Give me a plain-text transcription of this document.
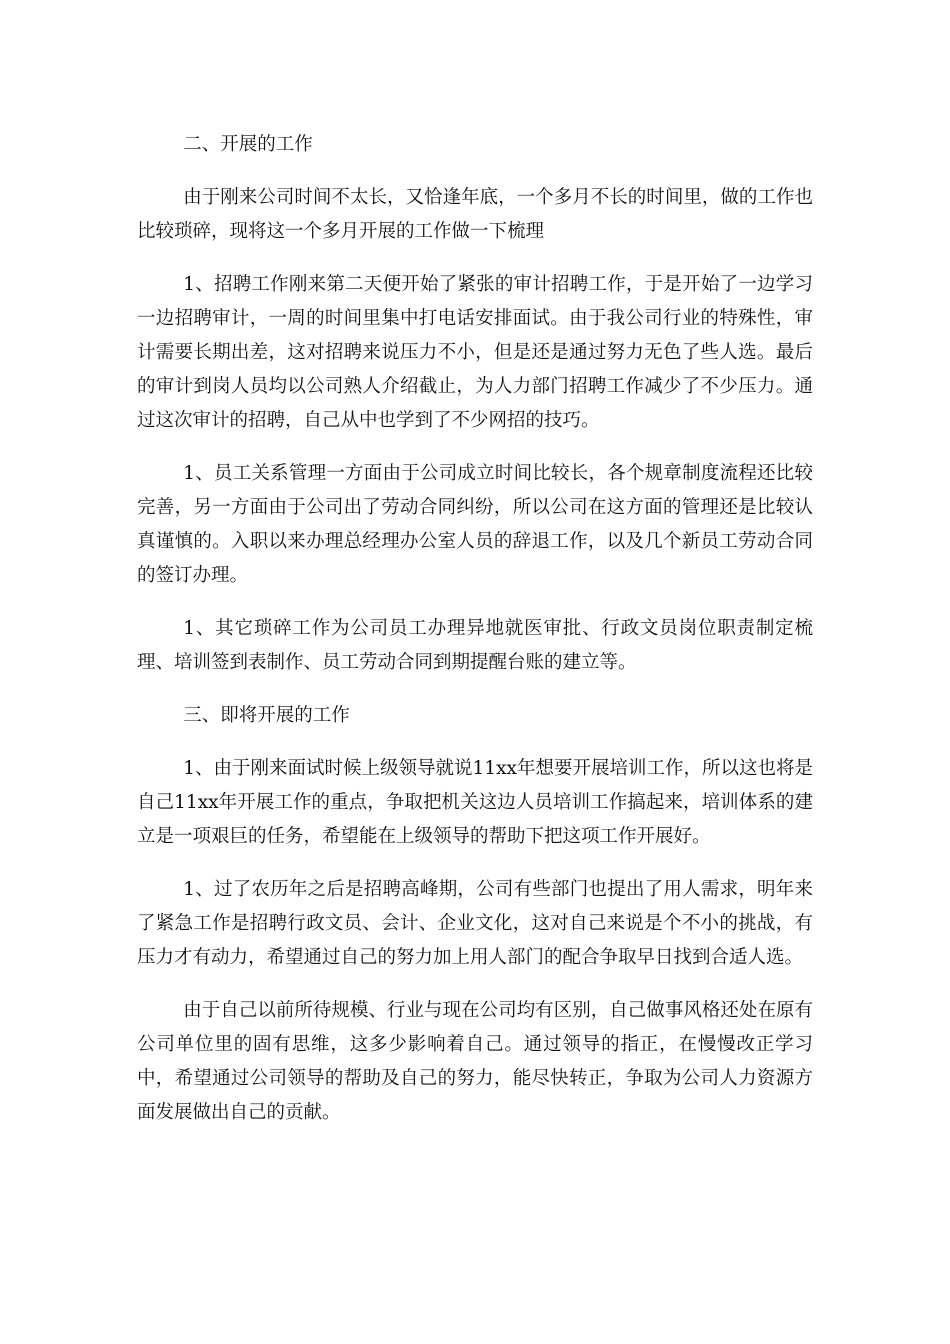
二、开展的工作

由于刚来公司时间不太长，又恰逢年底，一个多月不长的时间里，做的工作也比较琐碎，现将这一个多月开展的工作做一下梳理

1、招聘工作刚来第二天便开始了紧张的审计招聘工作，于是开始了一边学习一边招聘审计，一周的时间里集中打电话安排面试。由于我公司行业的特殊性，审计需要长期出差，这对招聘来说压力不小，但是还是通过努力无色了些人选。最后的审计到岗人员均以公司熟人介绍截止，为人力部门招聘工作减少了不少压力。通过这次审计的招聘，自己从中也学到了不少网招的技巧。

1、员工关系管理一方面由于公司成立时间比较长，各个规章制度流程还比较完善，另一方面由于公司出了劳动合同纠纷，所以公司在这方面的管理还是比较认真谨慎的。入职以来办理总经理办公室人员的辞退工作，以及几个新员工劳动合同的签订办理。

1、其它琐碎工作为公司员工办理异地就医审批、行政文员岗位职责制定梳理、培训签到表制作、员工劳动合同到期提醒台账的建立等。

三、即将开展的工作

1、由于刚来面试时候上级领导就说11xx年想要开展培训工作，所以这也将是自己11xx年开展工作的重点，争取把机关这边人员培训工作搞起来，培训体系的建立是一项艰巨的任务，希望能在上级领导的帮助下把这项工作开展好。

1、过了农历年之后是招聘高峰期，公司有些部门也提出了用人需求，明年来了紧急工作是招聘行政文员、会计、企业文化，这对自己来说是个不小的挑战，有压力才有动力，希望通过自己的努力加上用人部门的配合争取早日找到合适人选。

由于自己以前所待规模、行业与现在公司均有区别，自己做事风格还处在原有公司单位里的固有思维，这多少影响着自己。通过领导的指正，在慢慢改正学习中，希望通过公司领导的帮助及自己的努力，能尽快转正，争取为公司人力资源方面发展做出自己的贡献。
